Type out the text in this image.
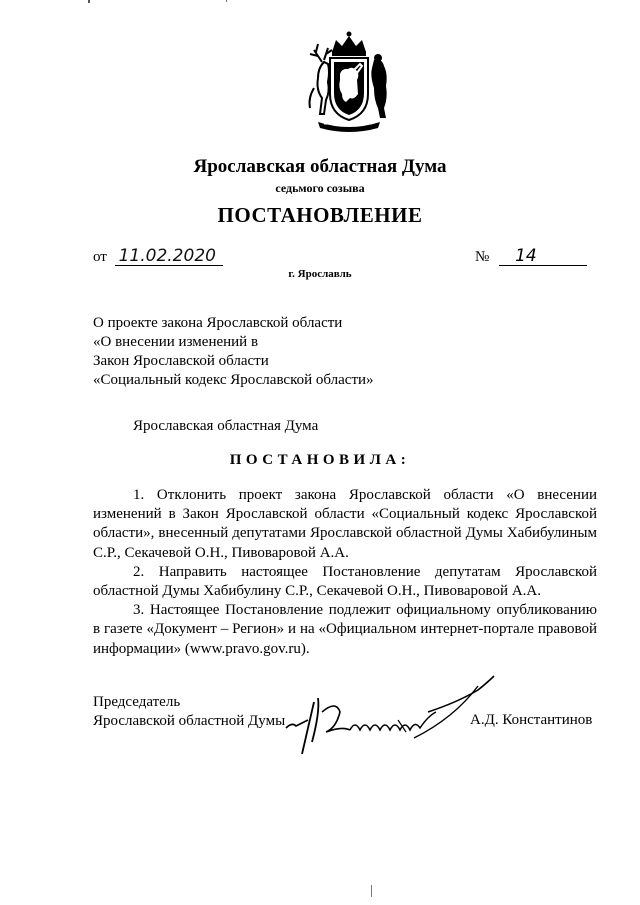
Ярославская областная Дума
седьмого созыва
ПОСТАНОВЛЕНИЕ
от 11.02.2020	№ 14
г. Ярославль
О проекте закона Ярославской области
«О внесении изменений в
Закон Ярославской области
«Социальный кодекс Ярославской области»
Ярославская областная Дума
ПОСТАНОВИЛА:

1. Отклонить проект закона Ярославской области «О внесении изменений в Закон Ярославской области «Социальный кодекс Ярославской области», внесенный депутатами Ярославской областной Думы Хабибулиным С.Р., Секачевой О.Н., Пивоваровой А.А.

2. Направить настоящее Постановление депутатам Ярославской областной Думы Хабибулину С.Р., Секачевой О.Н., Пивоваровой А.А.

3. Настоящее Постановление подлежит официальному опубликованию в газете «Документ – Регион» и на «Официальном интернет-портале правовой информации» (www.pravo.gov.ru).

Председатель
Ярославской областной Думы	А.Д. Константинов
